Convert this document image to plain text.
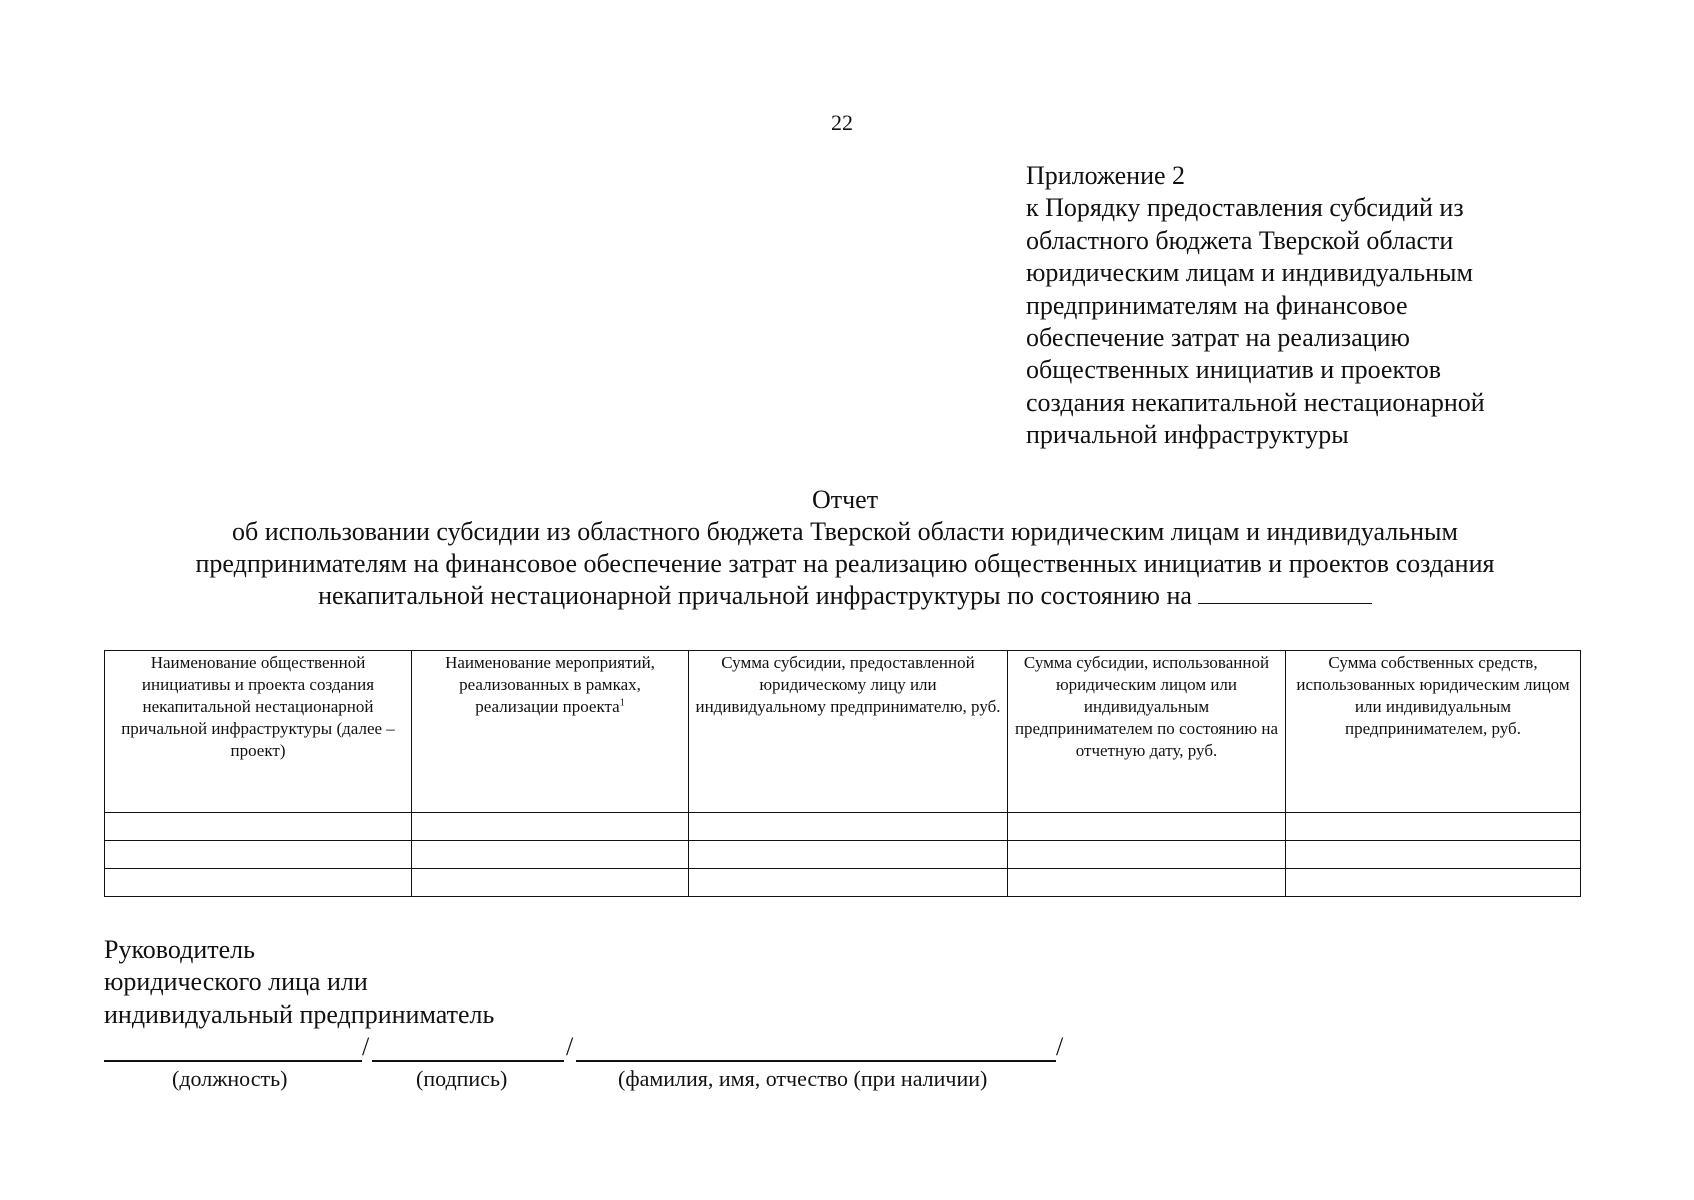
22
Приложение 2
к Порядку предоставления субсидий из
областного бюджета Тверской области
юридическим лицам и индивидуальным
предпринимателям на финансовое
обеспечение затрат на реализацию
общественных инициатив и проектов
создания некапитальной нестационарной
причальной инфраструктуры
Отчет
об использовании субсидии из областного бюджета Тверской области юридическим лицам и индивидуальным
предпринимателям на финансовое обеспечение затрат на реализацию общественных инициатив и проектов создания
некапитальной нестационарной причальной инфраструктуры по состоянию на
Наименование общественной инициативы и проекта создания некапитальной нестационарной причальной инфраструктуры (далее – проект)	Наименование мероприятий, реализованных в рамках, реализации проекта$^1$	Сумма субсидии, предоставленной юридическому лицу или индивидуальному предпринимателю, руб.	Сумма субсидии, использованной юридическим лицом или индивидуальным предпринимателем по состоянию на отчетную дату, руб.	Сумма собственных средств, использованных юридическим лицом или индивидуальным предпринимателем, руб.

Руководитель
юридического лица или
индивидуальный предприниматель
/	/	/
(должность)	(подпись)	(фамилия, имя, отчество (при наличии)
